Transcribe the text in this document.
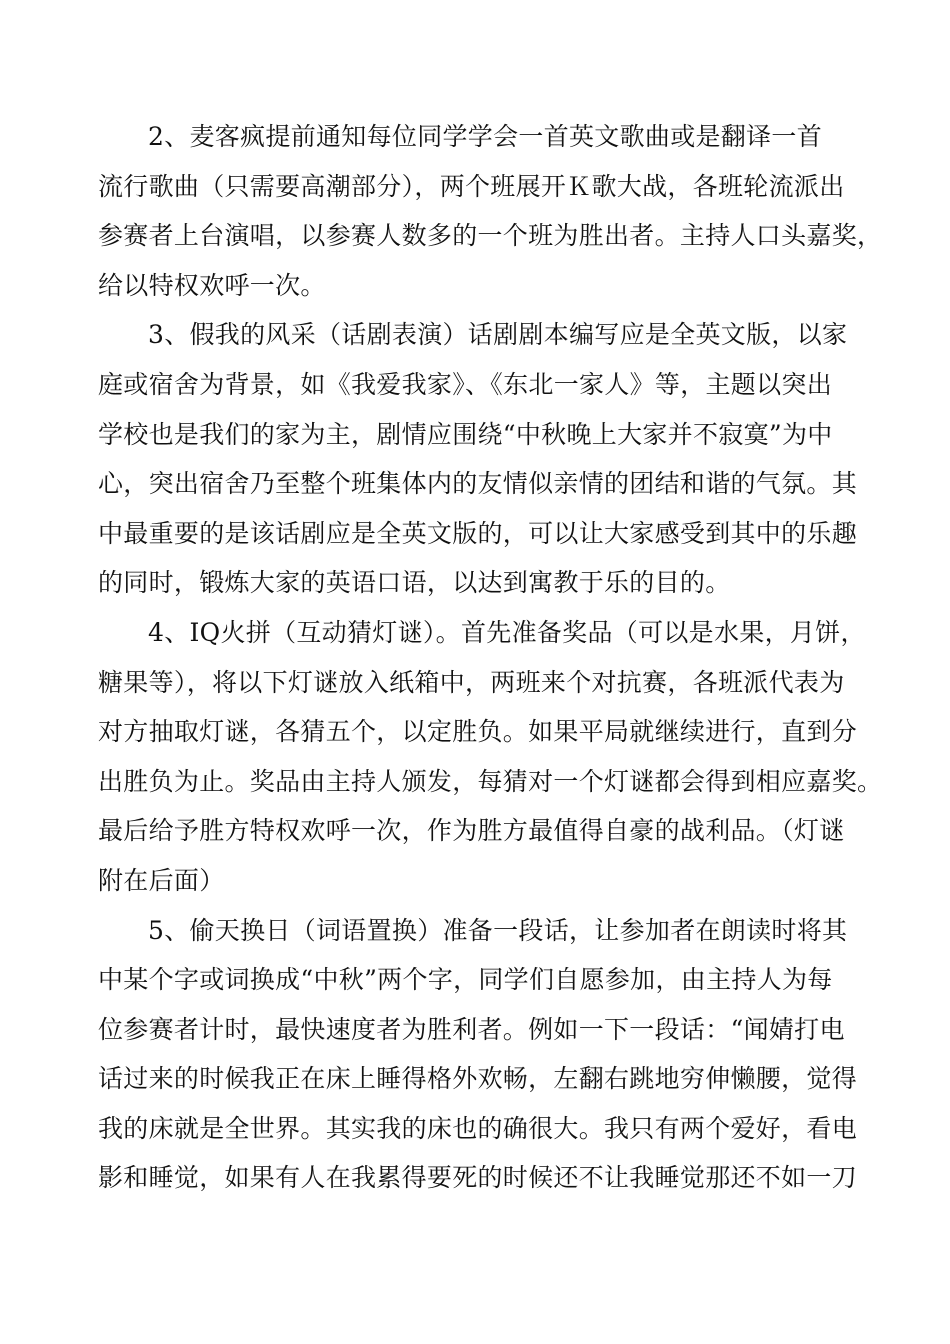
2、麦客疯提前通知每位同学学会一首英文歌曲或是翻译一首
流行歌曲（只需要高潮部分），两个班展开Ｋ歌大战，各班轮流派出
参赛者上台演唱，以参赛人数多的一个班为胜出者。主持人口头嘉奖，
给以特权欢呼一次。
3、假我的风采（话剧表演）话剧剧本编写应是全英文版，以家
庭或宿舍为背景，如《我爱我家》、《东北一家人》等，主题以突出
学校也是我们的家为主，剧情应围绕“中秋晚上大家并不寂寞”为中
心，突出宿舍乃至整个班集体内的友情似亲情的团结和谐的气氛。其
中最重要的是该话剧应是全英文版的，可以让大家感受到其中的乐趣
的同时，锻炼大家的英语口语，以达到寓教于乐的目的。
4、IQ火拼（互动猜灯谜）。首先准备奖品（可以是水果，月饼，
糖果等），将以下灯谜放入纸箱中，两班来个对抗赛，各班派代表为
对方抽取灯谜，各猜五个，以定胜负。如果平局就继续进行，直到分
出胜负为止。奖品由主持人颁发，每猜对一个灯谜都会得到相应嘉奖。
最后给予胜方特权欢呼一次，作为胜方最值得自豪的战利品。（灯谜
附在后面）
5、偷天换日（词语置换）准备一段话，让参加者在朗读时将其
中某个字或词换成“中秋”两个字，同学们自愿参加，由主持人为每
位参赛者计时，最快速度者为胜利者。例如一下一段话：“闻婧打电
话过来的时候我正在床上睡得格外欢畅，左翻右跳地穷伸懒腰，觉得
我的床就是全世界。其实我的床也的确很大。我只有两个爱好，看电
影和睡觉，如果有人在我累得要死的时候还不让我睡觉那还不如一刀
